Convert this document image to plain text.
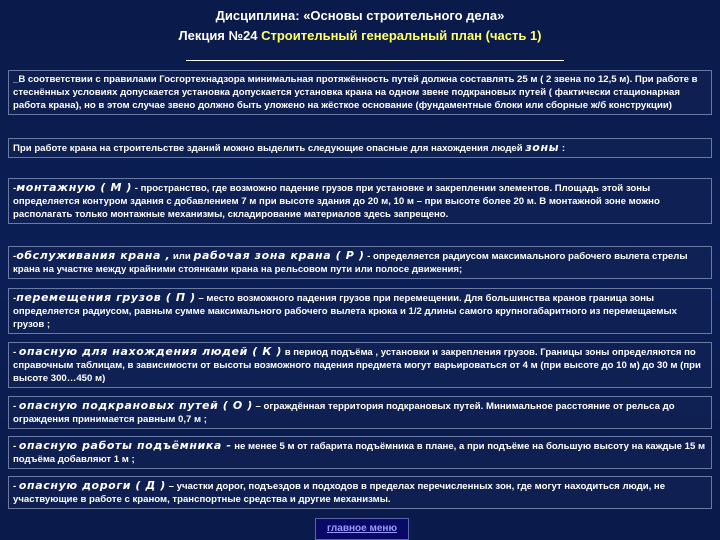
Дисциплина: «Основы строительного дела»
Лекция №24 Строительный генеральный план (часть 1)
_В соответствии с правилами Госгортехнадзора минимальная протяжённость путей должна составлять 25 м ( 2 звена по 12,5 м). При работе в стеснённых условиях допускается установка допускается установка крана на одном звене подкрановых путей ( фактически стационарная работа крана), но в этом случае звено должно быть уложено на жёсткое основание (фундаментные блоки или сборные ж/б конструкции)
При работе крана на строительстве зданий можно выделить следующие опасные для нахождения людей зоны :
-монтажную ( М ) - пространство, где возможно падение грузов при установке и закреплении элементов. Площадь этой зоны определяется контуром здания с добавлением 7 м при высоте здания до 20 м, 10 м – при высоте более 20 м. В монтажной зоне можно располагать только монтажные механизмы, складирование материалов здесь запрещено.
-обслуживания крана , или рабочая зона крана ( Р ) - определяется радиусом максимального рабочего вылета стрелы крана на участке между крайними стоянками крана на рельсовом пути или полосе движения;
-перемещения грузов ( П ) – место возможного падения грузов при перемещении. Для большинства кранов граница зоны определяется радиусом, равным сумме максимального рабочего вылета крюка и 1/2 длины самого крупногабаритного из перемещаемых грузов ;
- опасную для нахождения людей ( К ) в период подъёма , установки и закрепления грузов. Границы зоны определяются по справочным таблицам, в зависимости от высоты возможного падения предмета могут варьироваться от 4 м (при высоте до 10 м) до 30 м (при высоте 300…450 м)
- опасную подкрановых путей ( О ) – ограждённая территория подкрановых путей. Минимальное расстояние от рельса до ограждения принимается равным 0,7 м ;
- опасную работы подъёмника - не менее 5 м от габарита подъёмника в плане, а при подъёме на большую высоту на каждые 15 м подъёма добавляют 1 м ;
- опасную дороги ( Д ) – участки дорог, подъездов и подходов в пределах перечисленных зон, где могут находиться люди, не участвующие в работе с краном, транспортные средства и другие механизмы.
главное меню
